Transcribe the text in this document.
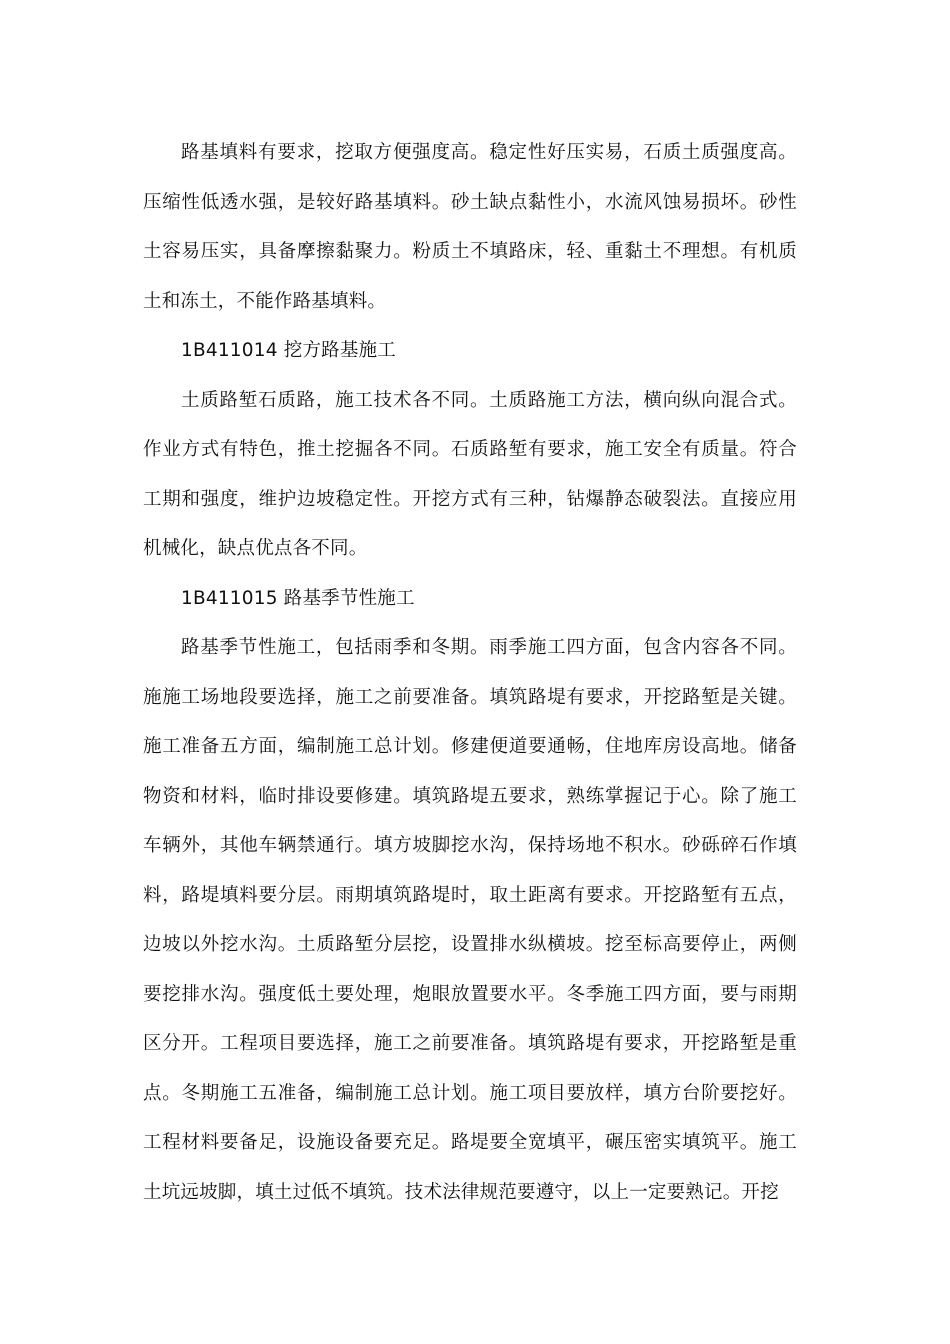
路基填料有要求，挖取方便强度高。稳定性好压实易，石质土质强度高。压缩性低透水强，是较好路基填料。砂土缺点黏性小，水流风蚀易损坏。砂性土容易压实，具备摩擦黏聚力。粉质土不填路床，轻、重黏土不理想。有机质土和冻土，不能作路基填料。

1B411014 挖方路基施工

土质路堑石质路，施工技术各不同。土质路施工方法，横向纵向混合式。作业方式有特色，推土挖掘各不同。石质路堑有要求，施工安全有质量。符合工期和强度，维护边坡稳定性。开挖方式有三种，钻爆静态破裂法。直接应用机械化，缺点优点各不同。

1B411015 路基季节性施工

路基季节性施工，包括雨季和冬期。雨季施工四方面，包含内容各不同。施施工场地段要选择，施工之前要准备。填筑路堤有要求，开挖路堑是关键。施工准备五方面，编制施工总计划。修建便道要通畅，住地库房设高地。储备物资和材料，临时排设要修建。填筑路堤五要求，熟练掌握记于心。除了施工车辆外，其他车辆禁通行。填方坡脚挖水沟，保持场地不积水。砂砾碎石作填料，路堤填料要分层。雨期填筑路堤时，取土距离有要求。开挖路堑有五点，边坡以外挖水沟。土质路堑分层挖，设置排水纵横坡。挖至标高要停止，两侧要挖排水沟。强度低土要处理，炮眼放置要水平。冬季施工四方面，要与雨期区分开。工程项目要选择，施工之前要准备。填筑路堤有要求，开挖路堑是重点。冬期施工五准备，编制施工总计划。施工项目要放样，填方台阶要挖好。工程材料要备足，设施设备要充足。路堤要全宽填平，碾压密实填筑平。施工土坑远坡脚，填土过低不填筑。技术法律规范要遵守，以上一定要熟记。开挖
